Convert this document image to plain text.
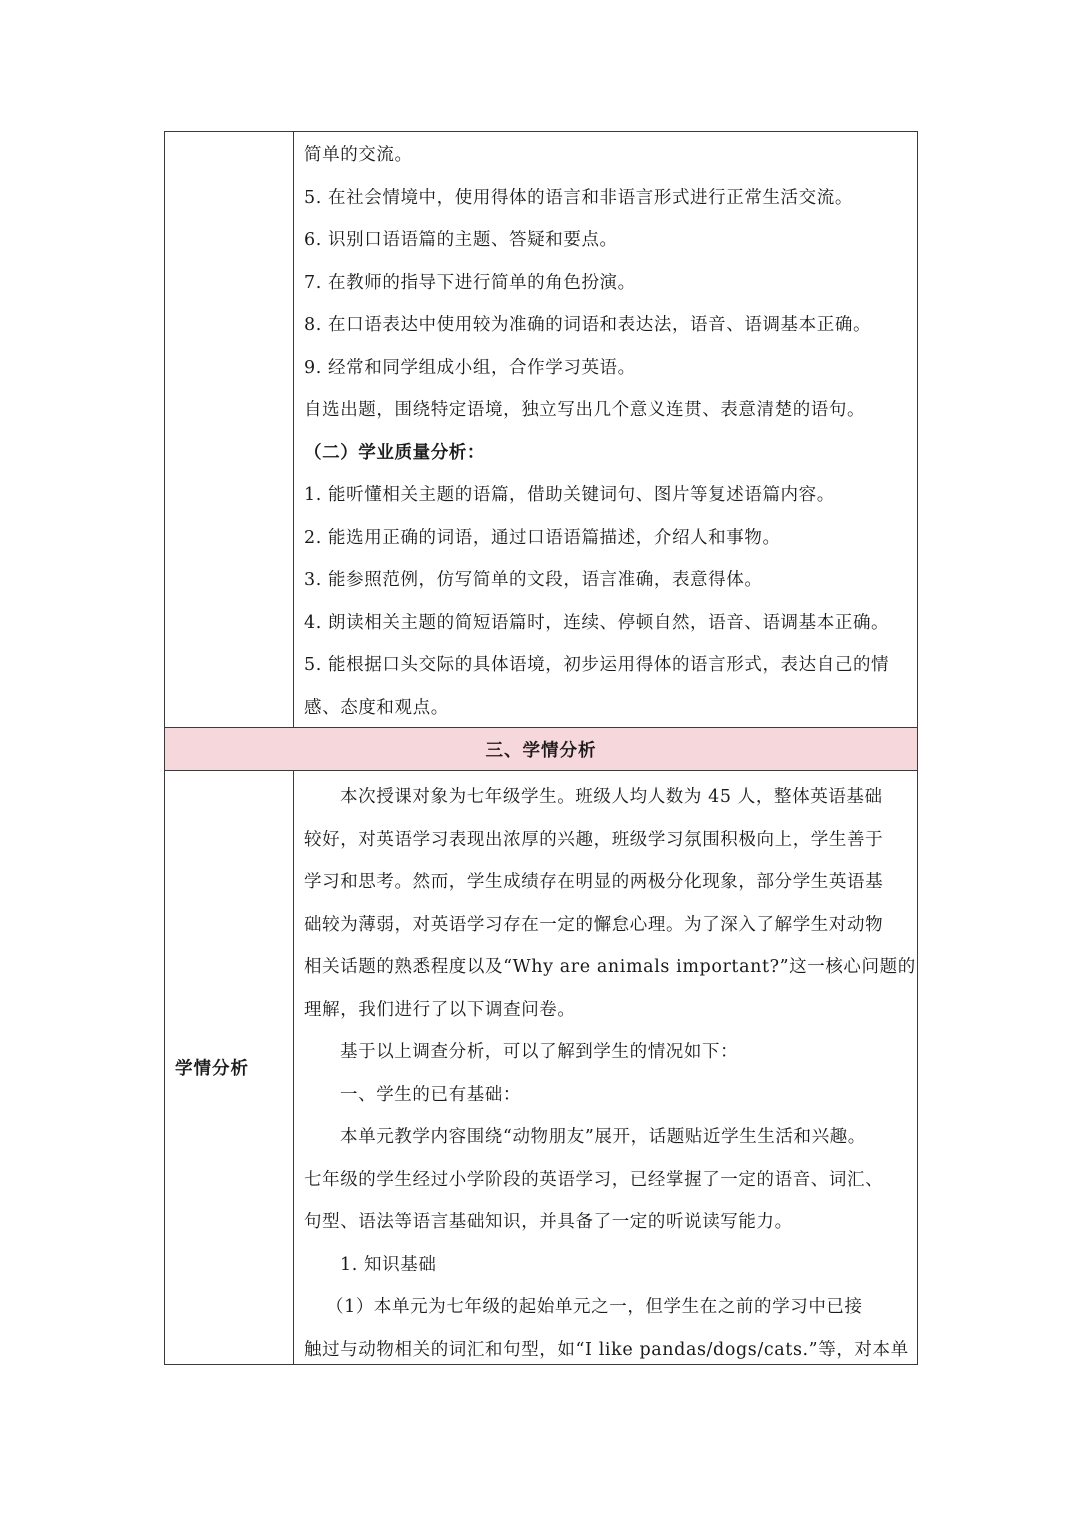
简单的交流。
5. 在社会情境中，使用得体的语言和非语言形式进行正常生活交流。
6. 识别口语语篇的主题、答疑和要点。
7. 在教师的指导下进行简单的角色扮演。
8. 在口语表达中使用较为准确的词语和表达法，语音、语调基本正确。
9. 经常和同学组成小组，合作学习英语。
自选出题，围绕特定语境，独立写出几个意义连贯、表意清楚的语句。
（二）学业质量分析：
1. 能听懂相关主题的语篇，借助关键词句、图片等复述语篇内容。
2. 能选用正确的词语，通过口语语篇描述，介绍人和事物。
3. 能参照范例，仿写简单的文段，语言准确，表意得体。
4. 朗读相关主题的简短语篇时，连续、停顿自然，语音、语调基本正确。
5. 能根据口头交际的具体语境，初步运用得体的语言形式，表达自己的情
感、态度和观点。
三、学情分析
学情分析
本次授课对象为七年级学生。班级人均人数为 45 人，整体英语基础
较好，对英语学习表现出浓厚的兴趣，班级学习氛围积极向上，学生善于
学习和思考。然而，学生成绩存在明显的两极分化现象，部分学生英语基
础较为薄弱，对英语学习存在一定的懈怠心理。为了深入了解学生对动物
相关话题的熟悉程度以及“Why are animals important?”这一核心问题的
理解，我们进行了以下调查问卷。
基于以上调查分析，可以了解到学生的情况如下：
一、学生的已有基础：
本单元教学内容围绕“动物朋友”展开，话题贴近学生生活和兴趣。
七年级的学生经过小学阶段的英语学习，已经掌握了一定的语音、词汇、
句型、语法等语言基础知识，并具备了一定的听说读写能力。
1. 知识基础
（1）本单元为七年级的起始单元之一，但学生在之前的学习中已接
触过与动物相关的词汇和句型，如“I like pandas/dogs/cats.”等，对本单
